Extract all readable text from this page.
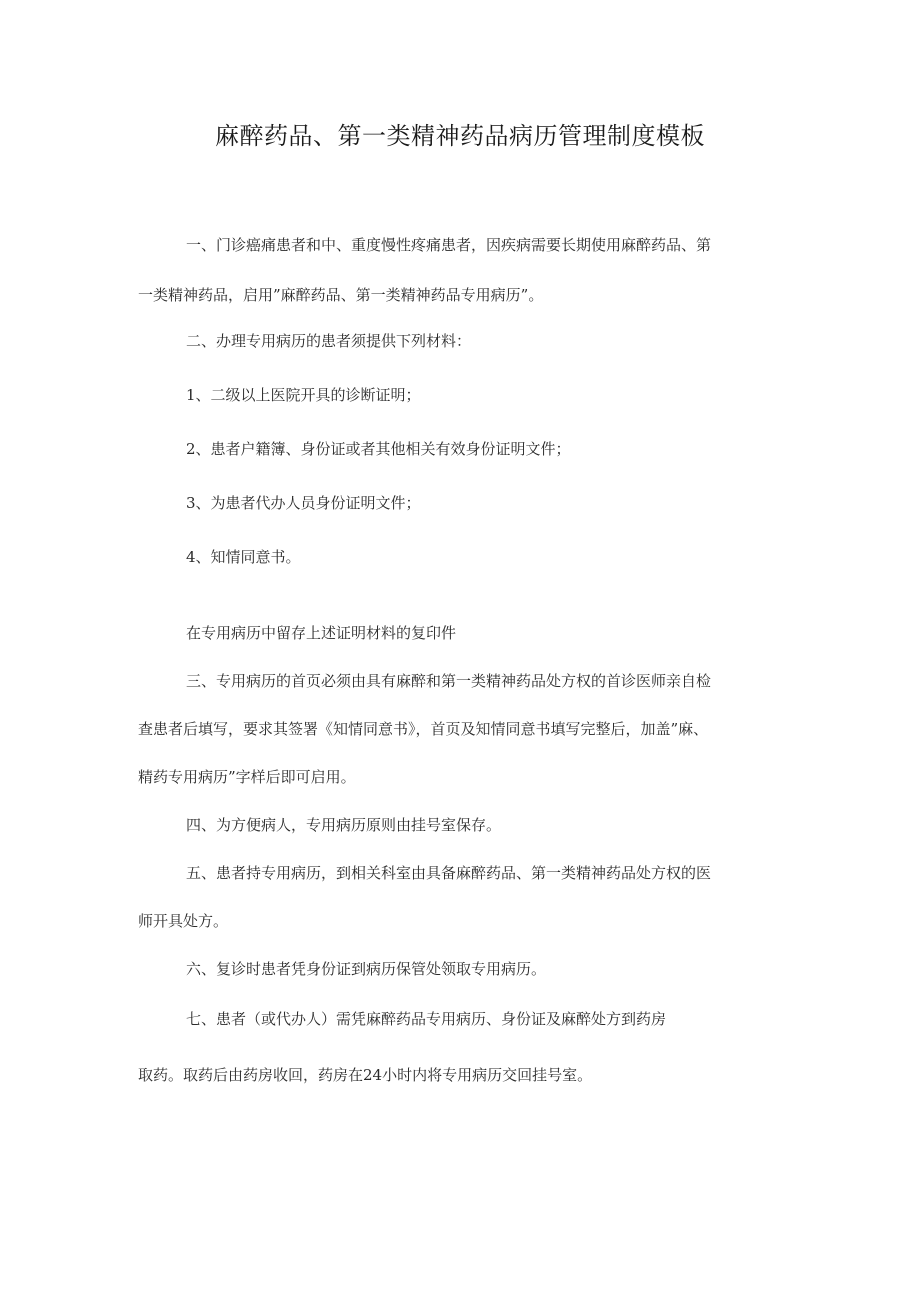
麻醉药品、第一类精神药品病历管理制度模板

一、门诊癌痛患者和中、重度慢性疼痛患者，因疾病需要长期使用麻醉药品、第

一类精神药品，启用”麻醉药品、第一类精神药品专用病历”。

二、办理专用病历的患者须提供下列材料：

1、二级以上医院开具的诊断证明；

2、患者户籍簿、身份证或者其他相关有效身份证明文件；

3、为患者代办人员身份证明文件；

4、知情同意书。

在专用病历中留存上述证明材料的复印件

三、专用病历的首页必须由具有麻醉和第一类精神药品处方权的首诊医师亲自检

查患者后填写，要求其签署《知情同意书》，首页及知情同意书填写完整后，加盖”麻、

精药专用病历”字样后即可启用。

四、为方便病人，专用病历原则由挂号室保存。

五、患者持专用病历，到相关科室由具备麻醉药品、第一类精神药品处方权的医

师开具处方。

六、复诊时患者凭身份证到病历保管处领取专用病历。

七、患者（或代办人）需凭麻醉药品专用病历、身份证及麻醉处方到药房

取药。取药后由药房收回，药房在24小时内将专用病历交回挂号室。
